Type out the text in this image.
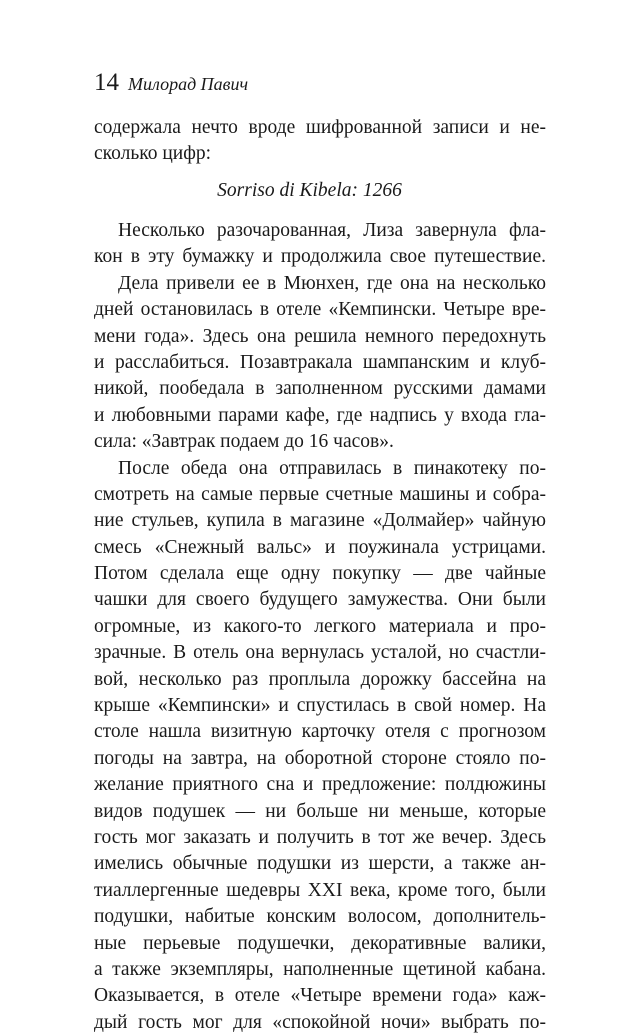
14 Милорад Павич
содержала нечто вроде шифрованной записи и не-
сколько цифр:
Sorriso di Kibela: 1266
Несколько разочарованная, Лиза завернула фла-
кон в эту бумажку и продолжила свое путешествие.
Дела привели ее в Мюнхен, где она на несколько
дней остановилась в отеле «Кемпински. Четыре вре-
мени года». Здесь она решила немного передохнуть
и расслабиться. Позавтракала шампанским и клуб-
никой, пообедала в заполненном русскими дамами
и любовными парами кафе, где надпись у входа гла-
сила: «Завтрак подаем до 16 часов».
После обеда она отправилась в пинакотеку по-
смотреть на самые первые счетные машины и собра-
ние стульев, купила в магазине «Долмайер» чайную
смесь «Снежный вальс» и поужинала устрицами.
Потом сделала еще одну покупку — две чайные
чашки для своего будущего замужества. Они были
огромные, из какого-то легкого материала и про-
зрачные. В отель она вернулась усталой, но счастли-
вой, несколько раз проплыла дорожку бассейна на
крыше «Кемпински» и спустилась в свой номер. На
столе нашла визитную карточку отеля с прогнозом
погоды на завтра, на оборотной стороне стояло по-
желание приятного сна и предложение: полдюжины
видов подушек — ни больше ни меньше, которые
гость мог заказать и получить в тот же вечер. Здесь
имелись обычные подушки из шерсти, а также ан-
тиаллергенные шедевры XXI века, кроме того, были
подушки, набитые конским волосом, дополнитель-
ные перьевые подушечки, декоративные валики,
а также экземпляры, наполненные щетиной кабана.
Оказывается, в отеле «Четыре времени года» каж-
дый гость мог для «спокойной ночи» выбрать по-
